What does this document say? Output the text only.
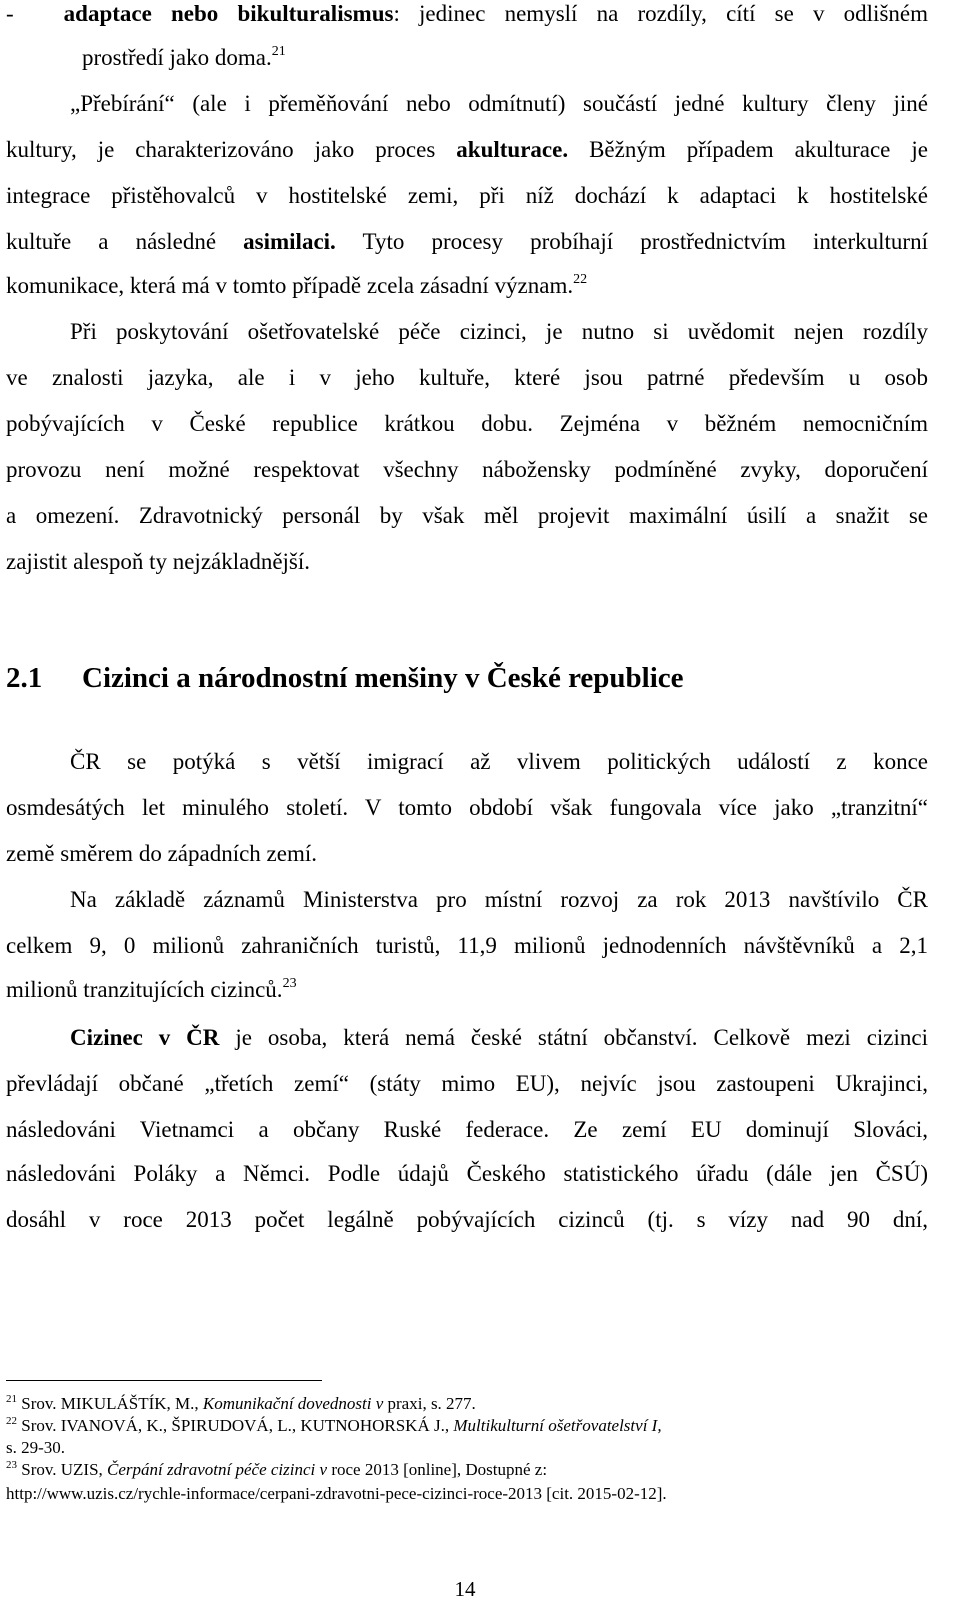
- adaptace nebo bikulturalismus: jedinec nemyslí na rozdíly, cítí se v odlišném
prostředí jako doma.$^{21}$
„Přebírání“ (ale i přeměňování nebo odmítnutí) součástí jedné kultury členy jiné
kultury, je charakterizováno jako proces akulturace. Běžným případem akulturace je
integrace přistěhovalců v hostitelské zemi, při níž dochází k adaptaci k hostitelské
kultuře a následné asimilaci. Tyto procesy probíhají prostřednictvím interkulturní
komunikace, která má v tomto případě zcela zásadní význam.$^{22}$
Při poskytování ošetřovatelské péče cizinci, je nutno si uvědomit nejen rozdíly
ve znalosti jazyka, ale i v jeho kultuře, které jsou patrné především u osob
pobývajících v České republice krátkou dobu. Zejména v běžném nemocničním
provozu není možné respektovat všechny nábožensky podmíněné zvyky, doporučení
a omezení. Zdravotnický personál by však měl projevit maximální úsilí a snažit se
zajistit alespoň ty nejzákladnější.
2.1 Cizinci a národnostní menšiny v České republice
ČR se potýká s větší imigrací až vlivem politických událostí z konce
osmdesátých let minulého století. V tomto období však fungovala více jako „tranzitní“
země směrem do západních zemí.
Na základě záznamů Ministerstva pro místní rozvoj za rok 2013 navštívilo ČR
celkem 9, 0 milionů zahraničních turistů, 11,9 milionů jednodenních návštěvníků a 2,1
milionů tranzitujících cizinců.$^{23}$
Cizinec v ČR je osoba, která nemá české státní občanství. Celkově mezi cizinci
převládají občané „třetích zemí“ (státy mimo EU), nejvíc jsou zastoupeni Ukrajinci,
následováni Vietnamci a občany Ruské federace. Ze zemí EU dominují Slováci,
následováni Poláky a Němci. Podle údajů Českého statistického úřadu (dále jen ČSÚ)
dosáhl v roce 2013 počet legálně pobývajících cizinců (tj. s vízy nad 90 dní,
$^{21}$ Srov. MIKULÁŠTÍK, M., Komunikační dovednosti v praxi, s. 277.
$^{22}$ Srov. IVANOVÁ, K., ŠPIRUDOVÁ, L., KUTNOHORSKÁ J., Multikulturní ošetřovatelství I,
s. 29-30.
$^{23}$ Srov. UZIS, Čerpání zdravotní péče cizinci v roce 2013 [online], Dostupné z:
http://www.uzis.cz/rychle-informace/cerpani-zdravotni-pece-cizinci-roce-2013 [cit. 2015-02-12].
14
